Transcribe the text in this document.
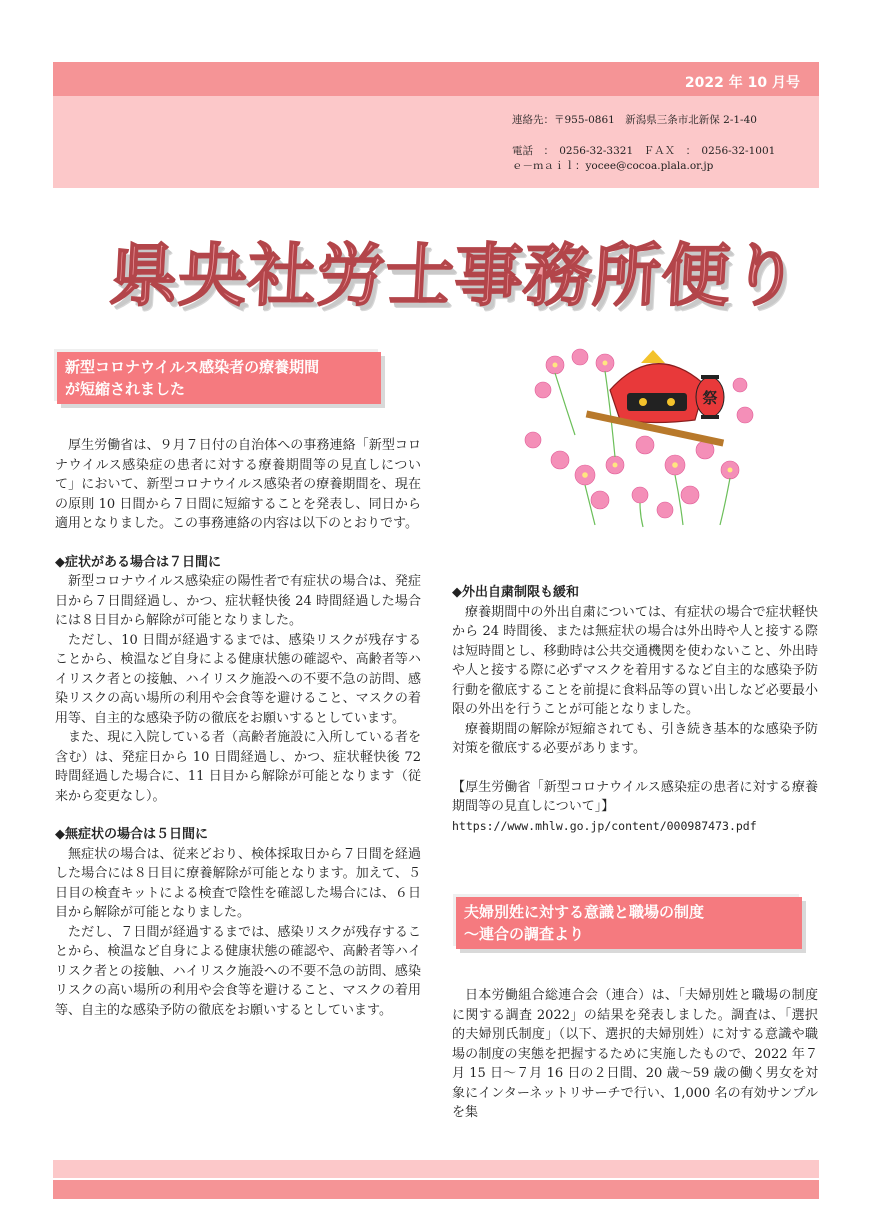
2022 年 10 月号
連絡先：〒955-0861　新潟県三条市北新保 2-1-40
電話　：　0256-32-3321　ＦＡＸ　：　0256-32-1001
ｅ－ｍａｉｌ：yocee@cocoa.plala.or.jp
県央社労士事務所便り
新型コロナウイルス感染者の療養期間
が短縮されました	祭

厚生労働省は、９月７日付の自治体への事務連絡「新型コロナウイルス感染症の患者に対する療養期間等の見直しについて」において、新型コロナウイルス感染者の療養期間を、現在の原則 10 日間から７日間に短縮することを発表し、同日から適用となりました。この事務連絡の内容は以下のとおりです。

◆症状がある場合は７日間に

新型コロナウイルス感染症の陽性者で有症状の場合は、発症日から７日間経過し、かつ、症状軽快後 24 時間経過した場合には８日目から解除が可能となりました。

ただし、10 日間が経過するまでは、感染リスクが残存することから、検温など自身による健康状態の確認や、高齢者等ハイリスク者との接触、ハイリスク施設への不要不急の訪問、感染リスクの高い場所の利用や会食等を避けること、マスクの着用等、自主的な感染予防の徹底をお願いするとしています。

また、現に入院している者（高齢者施設に入所している者を含む）は、発症日から 10 日間経過し、かつ、症状軽快後 72 時間経過した場合に、11 日目から解除が可能となります（従来から変更なし）。

◆無症状の場合は５日間に

無症状の場合は、従来どおり、検体採取日から７日間を経過した場合には８日目に療養解除が可能となります。加えて、５日目の検査キットによる検査で陰性を確認した場合には、６日目から解除が可能となりました。

ただし、７日間が経過するまでは、感染リスクが残存することから、検温など自身による健康状態の確認や、高齢者等ハイリスク者との接触、ハイリスク施設への不要不急の訪問、感染リスクの高い場所の利用や会食等を避けること、マスクの着用等、自主的な感染予防の徹底をお願いするとしています。

◆外出自粛制限も緩和

療養期間中の外出自粛については、有症状の場合で症状軽快から 24 時間後、または無症状の場合は外出時や人と接する際は短時間とし、移動時は公共交通機関を使わないこと、外出時や人と接する際に必ずマスクを着用するなど自主的な感染予防行動を徹底することを前提に食料品等の買い出しなど必要最小限の外出を行うことが可能となりました。

療養期間の解除が短縮されても、引き続き基本的な感染予防対策を徹底する必要があります。

【厚生労働省「新型コロナウイルス感染症の患者に対する療養期間等の見直しについて」】

https://www.mhlw.go.jp/content/000987473.pdf

夫婦別姓に対する意識と職場の制度
～連合の調査より

日本労働組合総連合会（連合）は、「夫婦別姓と職場の制度に関する調査 2022」の結果を発表しました。調査は、「選択的夫婦別氏制度」（以下、選択的夫婦別姓）に対する意識や職場の制度の実態を把握するために実施したもので、2022 年７月 15 日～７月 16 日の２日間、20 歳～59 歳の働く男女を対象にインターネットリサーチで行い、1,000 名の有効サンプルを集
